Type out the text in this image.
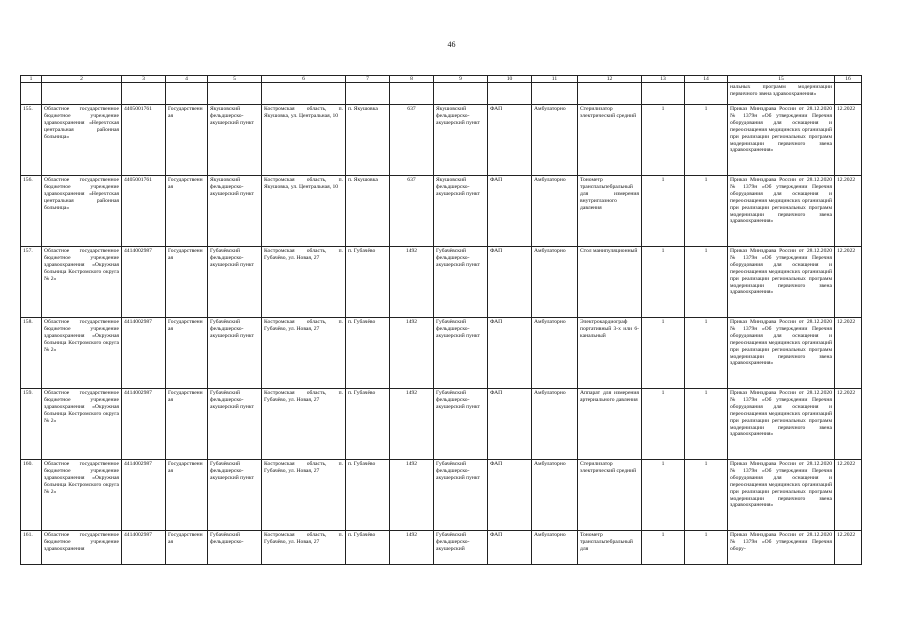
46
1	2	3	4	5	6	7	8	9	10	11	12	13	14	15	16
														нальных программ модернизации первичного звена здравоохранения»	
155.	Областное государственное бюджетное учреждение здравоохранения «Нерехтская центральная районная больница»	4405001761	Государственная	Якушовский фельдшерско-акушерский пункт	Костромская область, п. Якушовка, ул. Центральная, 10	п. Якушовка	637	Якушовский фельдшерско-акушерский пункт	ФАП	Амбулаторно	Стерилизатор электрический средний	1	1	Приказ Минздрава России от 28.12.2020 № 1379н «Об утверждении Перечня оборудования для оснащения и переоснащения медицинских организаций при реализации региональных программ модернизации первичного звена здравоохранения»	12.2022
156.	Областное государственное бюджетное учреждение здравоохранения «Нерехтская центральная районная больница»	4405001761	Государственная	Якушовский фельдшерско-акушерский пункт	Костромская область, п. Якушовка, ул. Центральная, 10	п. Якушовка	637	Якушовский фельдшерско-акушерский пункт	ФАП	Амбулаторно	Тонометр транспальпебральный для измерения внутриглазного давления	1	1	Приказ Минздрава России от 28.12.2020 № 1379н «Об утверждении Перечня оборудования для оснащения и переоснащения медицинских организаций при реализации региональных программ модернизации первичного звена здравоохранения»	12.2022
157.	Областное государственное бюджетное учреждение здравоохранения «Окружная больница Костромского округа № 2»	4414002987	Государственная	Губачёвский фельдшерско-акушерский пункт	Костромская область, п. Губачёво, ул. Новая, 27	п. Губачёво	1492	Губачёвский фельдшерско-акушерский пункт	ФАП	Амбулаторно	Стол манипуляционный	1	1	Приказ Минздрава России от 28.12.2020 № 1379н «Об утверждении Перечня оборудования для оснащения и переоснащения медицинских организаций при реализации региональных программ модернизации первичного звена здравоохранения»	12.2022
158.	Областное государственное бюджетное учреждение здравоохранения «Окружная больница Костромского округа № 2»	4414002987	Государственная	Губачёвский фельдшерско-акушерский пункт	Костромская область, п. Губачёво, ул. Новая, 27	п. Губачёво	1492	Губачёвский фельдшерско-акушерский пункт	ФАП	Амбулаторно	Электрокардиограф портативный 3-х или 6-канальный	1	1	Приказ Минздрава России от 28.12.2020 № 1379н «Об утверждении Перечня оборудования для оснащения и переоснащения медицинских организаций при реализации региональных программ модернизации первичного звена здравоохранения»	12.2022
159.	Областное государственное бюджетное учреждение здравоохранения «Окружная больница Костромского округа № 2»	4414002987	Государственная	Губачёвский фельдшерско-акушерский пункт	Костромская область, п. Губачёво, ул. Новая, 27	п. Губачёво	1492	Губачёвский фельдшерско-акушерский пункт	ФАП	Амбулаторно	Аппарат для измерения артериального давления	1	1	Приказ Минздрава России от 28.12.2020 № 1379н «Об утверждении Перечня оборудования для оснащения и переоснащения медицинских организаций при реализации региональных программ модернизации первичного звена здравоохранения»	12.2022
160.	Областное государственное бюджетное учреждение здравоохранения «Окружная больница Костромского округа № 2»	4414002987	Государственная	Губачёвский фельдшерско-акушерский пункт	Костромская область, п. Губачёво, ул. Новая, 27	п. Губачёво	1492	Губачёвский фельдшерско-акушерский пункт	ФАП	Амбулаторно	Стерилизатор электрический средний	1	1	Приказ Минздрава России от 28.12.2020 № 1379н «Об утверждении Перечня оборудования для оснащения и переоснащения медицинских организаций при реализации региональных программ модернизации первичного звена здравоохранения»	12.2022
161.	Областное государственное бюджетное учреждение здравоохранения	4414002987	Государственная	Губачёвский фельдшерско-	Костромская область, п. Губачёво, ул. Новая, 27	п. Губачёво	1492	Губачёвский фельдшерско-акушерский	ФАП	Амбулаторно	Тонометр транспальпебральный для	1	1	Приказ Минздрава России от 28.12.2020 № 1379н «Об утверждении Перечня обору-	12.2022
